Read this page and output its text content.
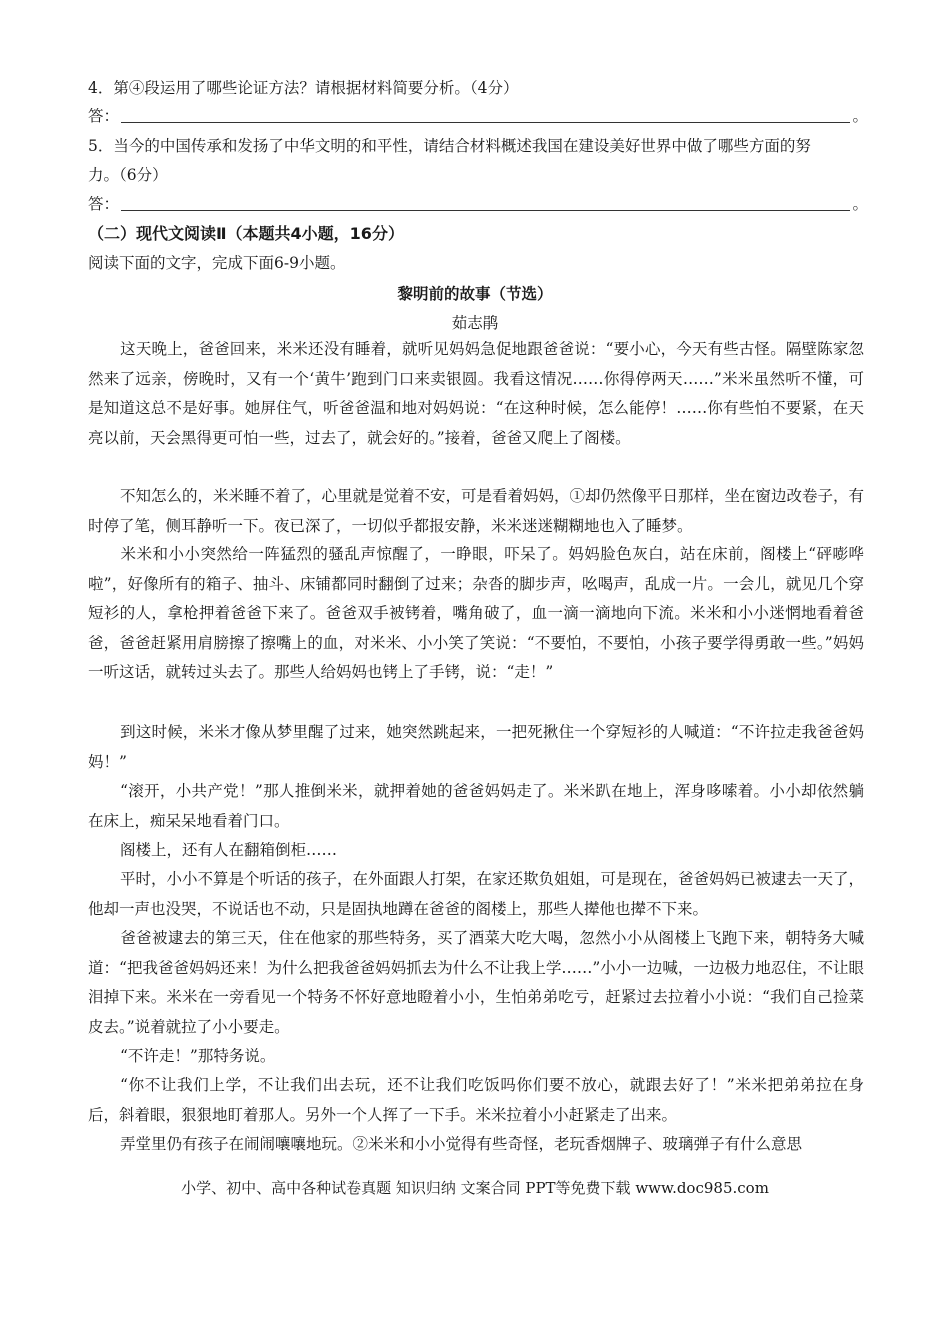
4．第④段运用了哪些论证方法？请根据材料简要分析。（4分）
答：	。
5．当今的中国传承和发扬了中华文明的和平性，请结合材料概述我国在建设美好世界中做了哪些方面的努
力。（6分）
答：	。
（二）现代文阅读Ⅱ（本题共4小题，16分）
阅读下面的文字，完成下面6-9小题。
黎明前的故事（节选）
茹志鹃
这天晚上，爸爸回来，米米还没有睡着，就听见妈妈急促地跟爸爸说：“要小心，今天有些古怪。隔壁陈家忽然来了远亲，傍晚时，又有一个‘黄牛’跑到门口来卖银圆。我看这情况……你得停两天……”米米虽然听不懂，可是知道这总不是好事。她屏住气，听爸爸温和地对妈妈说：“在这种时候，怎么能停！……你有些怕不要紧，在天亮以前，天会黑得更可怕一些，过去了，就会好的。”接着，爸爸又爬上了阁楼。
不知怎么的，米米睡不着了，心里就是觉着不安，可是看着妈妈，①却仍然像平日那样，坐在窗边改卷子，有时停了笔，侧耳静听一下。夜已深了，一切似乎都报安静，米米迷迷糊糊地也入了睡梦。
米米和小小突然给一阵猛烈的骚乱声惊醒了，一睁眼，吓呆了。妈妈脸色灰白，站在床前，阁楼上“砰嘭哗啦”，好像所有的箱子、抽斗、床铺都同时翻倒了过来；杂沓的脚步声，吆喝声，乱成一片。一会儿，就见几个穿短衫的人，拿枪押着爸爸下来了。爸爸双手被铐着，嘴角破了，血一滴一滴地向下流。米米和小小迷惘地看着爸爸，爸爸赶紧用肩膀擦了擦嘴上的血，对米米、小小笑了笑说：“不要怕，不要怕，小孩子要学得勇敢一些。”妈妈一听这话，就转过头去了。那些人给妈妈也铐上了手铐，说：“走！”
到这时候，米米才像从梦里醒了过来，她突然跳起来，一把死揪住一个穿短衫的人喊道：“不许拉走我爸爸妈妈！”
“滚开，小共产党！”那人推倒米米，就押着她的爸爸妈妈走了。米米趴在地上，浑身哆嗦着。小小却依然躺在床上，痴呆呆地看着门口。
阁楼上，还有人在翻箱倒柜……
平时，小小不算是个听话的孩子，在外面跟人打架，在家还欺负姐姐，可是现在，爸爸妈妈已被逮去一天了，他却一声也没哭，不说话也不动，只是固执地蹲在爸爸的阁楼上，那些人撵他也撵不下来。
爸爸被逮去的第三天，住在他家的那些特务，买了酒菜大吃大喝，忽然小小从阁楼上飞跑下来，朝特务大喊道：“把我爸爸妈妈还来！为什么把我爸爸妈妈抓去为什么不让我上学……”小小一边喊，一边极力地忍住，不让眼泪掉下来。米米在一旁看见一个特务不怀好意地瞪着小小，生怕弟弟吃亏，赶紧过去拉着小小说：“我们自己捡菜皮去。”说着就拉了小小要走。
“不许走！”那特务说。
“你不让我们上学，不让我们出去玩，还不让我们吃饭吗你们要不放心，就跟去好了！”米米把弟弟拉在身后，斜着眼，狠狠地盯着那人。另外一个人挥了一下手。米米拉着小小赶紧走了出来。
弄堂里仍有孩子在闹闹嚷嚷地玩。②米米和小小觉得有些奇怪，老玩香烟牌子、玻璃弹子有什么意思
小学、初中、高中各种试卷真题 知识归纳 文案合同 PPT等免费下载 www.doc985.com
